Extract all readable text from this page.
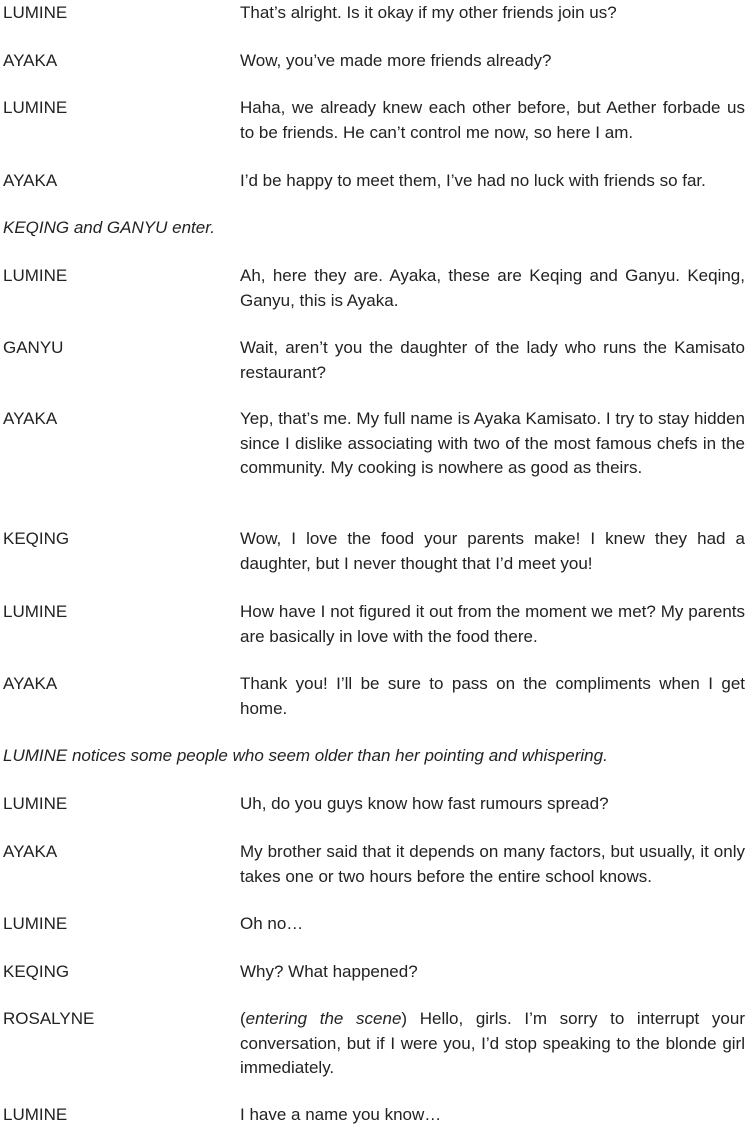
LUMINE	That’s alright. Is it okay if my other friends join us?
AYAKA	Wow, you’ve made more friends already?
LUMINE	Haha, we already knew each other before, but Aether forbade us to be friends. He can’t control me now, so here I am.
AYAKA	I’d be happy to meet them, I’ve had no luck with friends so far.
KEQING and GANYU enter.
LUMINE	Ah, here they are. Ayaka, these are Keqing and Ganyu. Keqing, Ganyu, this is Ayaka.
GANYU	Wait, aren’t you the daughter of the lady who runs the Kamisato restaurant?
AYAKA	Yep, that’s me. My full name is Ayaka Kamisato. I try to stay hidden since I dislike associating with two of the most famous chefs in the community. My cooking is nowhere as good as theirs.
KEQING	Wow, I love the food your parents make! I knew they had a daughter, but I never thought that I’d meet you!
LUMINE	How have I not figured it out from the moment we met? My parents are basically in love with the food there.
AYAKA	Thank you! I’ll be sure to pass on the compliments when I get home.
LUMINE notices some people who seem older than her pointing and whispering.
LUMINE	Uh, do you guys know how fast rumours spread?
AYAKA	My brother said that it depends on many factors, but usually, it only takes one or two hours before the entire school knows.
LUMINE	Oh no…
KEQING	Why? What happened?
ROSALYNE	(entering the scene) Hello, girls. I’m sorry to interrupt your conversation, but if I were you, I’d stop speaking to the blonde girl immediately.
LUMINE	I have a name you know…
